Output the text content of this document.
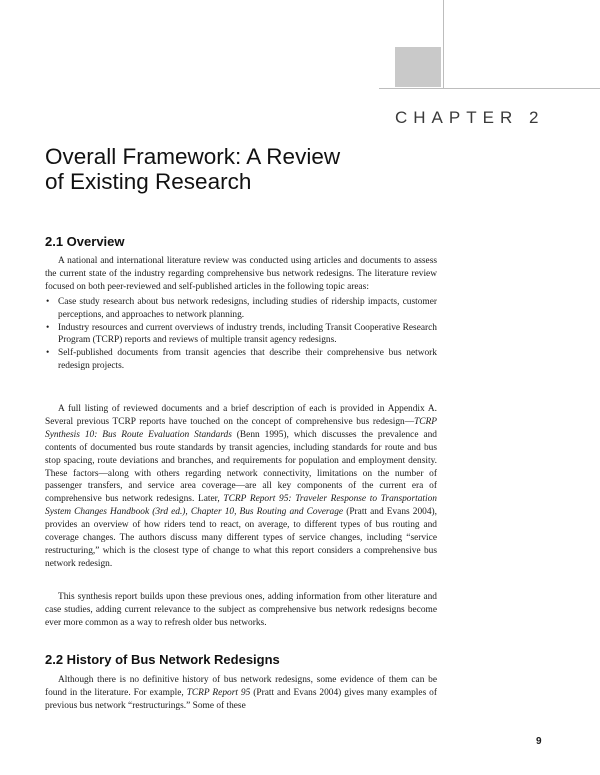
CHAPTER 2
Overall Framework: A Review
of Existing Research
2.1 Overview

A national and international literature review was conducted using articles and documents to assess the current state of the industry regarding comprehensive bus network redesigns. The literature review focused on both peer-reviewed and self-published articles in the following topic areas:

• Case study research about bus network redesigns, including studies of ridership impacts, customer perceptions, and approaches to network planning.
• Industry resources and current overviews of industry trends, including Transit Cooperative Research Program (TCRP) reports and reviews of multiple transit agency redesigns.
• Self-published documents from transit agencies that describe their comprehensive bus network redesign projects.

A full listing of reviewed documents and a brief description of each is provided in Appendix A. Several previous TCRP reports have touched on the concept of comprehensive bus redesign—TCRP Synthesis 10: Bus Route Evaluation Standards (Benn 1995), which discusses the prevalence and contents of documented bus route standards by transit agencies, including standards for route and bus stop spacing, route deviations and branches, and requirements for population and employment density. These factors—along with others regarding network connectivity, limitations on the number of passenger transfers, and service area coverage—are all key components of the current era of comprehensive bus network redesigns. Later, TCRP Report 95: Traveler Response to Transportation System Changes Handbook (3rd ed.), Chapter 10, Bus Routing and Coverage (Pratt and Evans 2004), provides an overview of how riders tend to react, on average, to different types of bus routing and coverage changes. The authors discuss many different types of service changes, including “service restructuring,” which is the closest type of change to what this report considers a comprehensive bus network redesign.

This synthesis report builds upon these previous ones, adding information from other literature and case studies, adding current relevance to the subject as comprehensive bus network redesigns become ever more common as a way to refresh older bus networks.

2.2 History of Bus Network Redesigns

Although there is no definitive history of bus network redesigns, some evidence of them can be found in the literature. For example, TCRP Report 95 (Pratt and Evans 2004) gives many examples of previous bus network “restructurings.” Some of these

9
